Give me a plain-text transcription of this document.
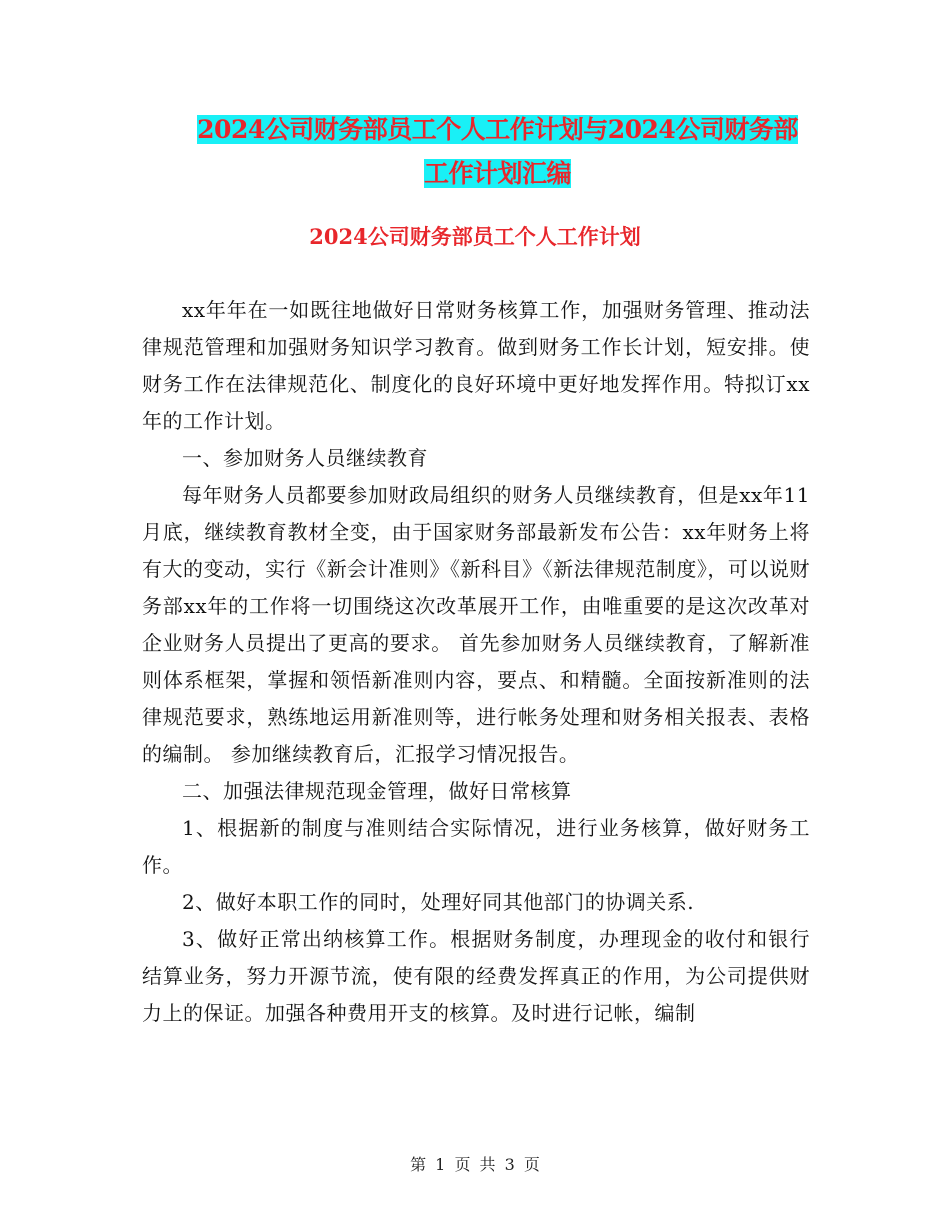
2024公司财务部员工个人工作计划与2024公司财务部
工作计划汇编
2024公司财务部员工个人工作计划

xx年年在一如既往地做好日常财务核算工作，加强财务管理、推动法律规范管理和加强财务知识学习教育。做到财务工作长计划，短安排。使财务工作在法律规范化、制度化的良好环境中更好地发挥作用。特拟订xx年的工作计划。

一、参加财务人员继续教育

每年财务人员都要参加财政局组织的财务人员继续教育，但是xx年11月底，继续教育教材全变，由于国家财务部最新发布公告：xx年财务上将有大的变动，实行《新会计准则》《新科目》《新法律规范制度》，可以说财务部xx年的工作将一切围绕这次改革展开工作，由唯重要的是这次改革对企业财务人员提出了更高的要求。 首先参加财务人员继续教育，了解新准则体系框架，掌握和领悟新准则内容，要点、和精髓。全面按新准则的法律规范要求，熟练地运用新准则等，进行帐务处理和财务相关报表、表格的编制。 参加继续教育后，汇报学习情况报告。

二、加强法律规范现金管理，做好日常核算

1、根据新的制度与准则结合实际情况，进行业务核算，做好财务工作。

2、做好本职工作的同时，处理好同其他部门的协调关系.

3、做好正常出纳核算工作。根据财务制度，办理现金的收付和银行结算业务，努力开源节流，使有限的经费发挥真正的作用，为公司提供财力上的保证。加强各种费用开支的核算。及时进行记帐，编制

第 1 页 共 3 页
